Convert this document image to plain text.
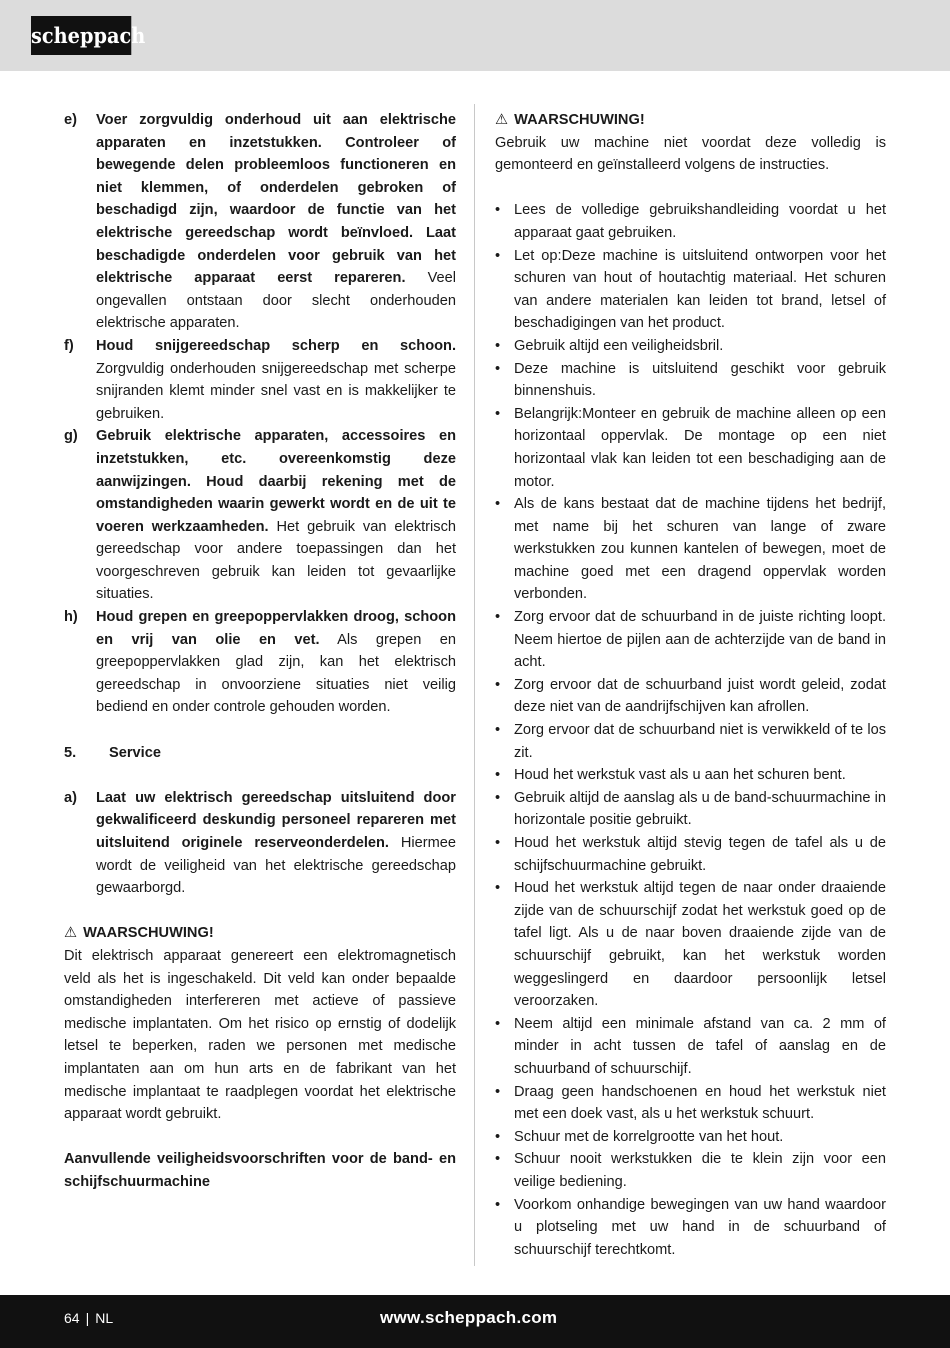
scheppach
e)	Voer zorgvuldig onderhoud uit aan elektrische apparaten en inzetstukken. Controleer of bewegende delen probleemloos functioneren en niet klemmen, of onderdelen gebroken of beschadigd zijn, waardoor de functie van het elektrische gereedschap wordt beïnvloed. Laat beschadigde onderdelen voor gebruik van het elektrische apparaat eerst repareren. Veel ongevallen ontstaan door slecht onderhouden elektrische apparaten.
f)	Houd snijgereedschap scherp en schoon. Zorgvuldig onderhouden snijgereedschap met scherpe snijranden klemt minder snel vast en is makkelijker te gebruiken.
g)	Gebruik elektrische apparaten, accessoires en inzetstukken, etc. overeenkomstig deze aanwijzingen. Houd daarbij rekening met de omstandigheden waarin gewerkt wordt en de uit te voeren werkzaamheden. Het gebruik van elektrisch gereedschap voor andere toepassingen dan het voorgeschreven gebruik kan leiden tot gevaarlijke situaties.
h)	Houd grepen en greepoppervlakken droog, schoon en vrij van olie en vet. Als grepen en greepoppervlakken glad zijn, kan het elektrisch gereedschap in onvoorziene situaties niet veilig bediend en onder controle gehouden worden.
5.	Service
a)	Laat uw elektrisch gereedschap uitsluitend door gekwalificeerd deskundig personeel repareren met uitsluitend originele reserveonderdelen. Hiermee wordt de veiligheid van het elektrische gereedschap gewaarborgd.
⚠ WAARSCHUWING!
Dit elektrisch apparaat genereert een elektromagnetisch veld als het is ingeschakeld. Dit veld kan onder bepaalde omstandigheden interfereren met actieve of passieve medische implantaten. Om het risico op ernstig of dodelijk letsel te beperken, raden we personen met medische implantaten aan om hun arts en de fabrikant van het medische implantaat te raadplegen voordat het elektrische apparaat wordt gebruikt.
Aanvullende veiligheidsvoorschriften voor de band- en schijfschuurmachine
⚠ WAARSCHUWING!
Gebruik uw machine niet voordat deze volledig is gemonteerd en geïnstalleerd volgens de instructies.
• Lees de volledige gebruikshandleiding voordat u het apparaat gaat gebruiken.
• Let op:Deze machine is uitsluitend ontworpen voor het schuren van hout of houtachtig materiaal. Het schuren van andere materialen kan leiden tot brand, letsel of beschadigingen van het product.
• Gebruik altijd een veiligheidsbril.
• Deze machine is uitsluitend geschikt voor gebruik binnenshuis.
• Belangrijk:Monteer en gebruik de machine alleen op een horizontaal oppervlak. De montage op een niet horizontaal vlak kan leiden tot een beschadiging aan de motor.
• Als de kans bestaat dat de machine tijdens het bedrijf, met name bij het schuren van lange of zware werkstukken zou kunnen kantelen of bewegen, moet de machine goed met een dragend oppervlak worden verbonden.
• Zorg ervoor dat de schuurband in de juiste richting loopt. Neem hiertoe de pijlen aan de achterzijde van de band in acht.
• Zorg ervoor dat de schuurband juist wordt geleid, zodat deze niet van de aandrijfschijven kan afrollen.
• Zorg ervoor dat de schuurband niet is verwikkeld of te los zit.
• Houd het werkstuk vast als u aan het schuren bent.
• Gebruik altijd de aanslag als u de band-schuurmachine in horizontale positie gebruikt.
• Houd het werkstuk altijd stevig tegen de tafel als u de schijfschuurmachine gebruikt.
• Houd het werkstuk altijd tegen de naar onder draaiende zijde van de schuurschijf zodat het werkstuk goed op de tafel ligt. Als u de naar boven draaiende zijde van de schuurschijf gebruikt, kan het werkstuk worden weggeslingerd en daardoor persoonlijk letsel veroorzaken.
• Neem altijd een minimale afstand van ca. 2 mm of minder in acht tussen de tafel of aanslag en de schuurband of schuurschijf.
• Draag geen handschoenen en houd het werkstuk niet met een doek vast, als u het werkstuk schuurt.
• Schuur met de korrelgrootte van het hout.
• Schuur nooit werkstukken die te klein zijn voor een veilige bediening.
• Voorkom onhandige bewegingen van uw hand waardoor u plotseling met uw hand in de schuurband of schuurschijf terechtkomt.
64 | NL	www.scheppach.com
